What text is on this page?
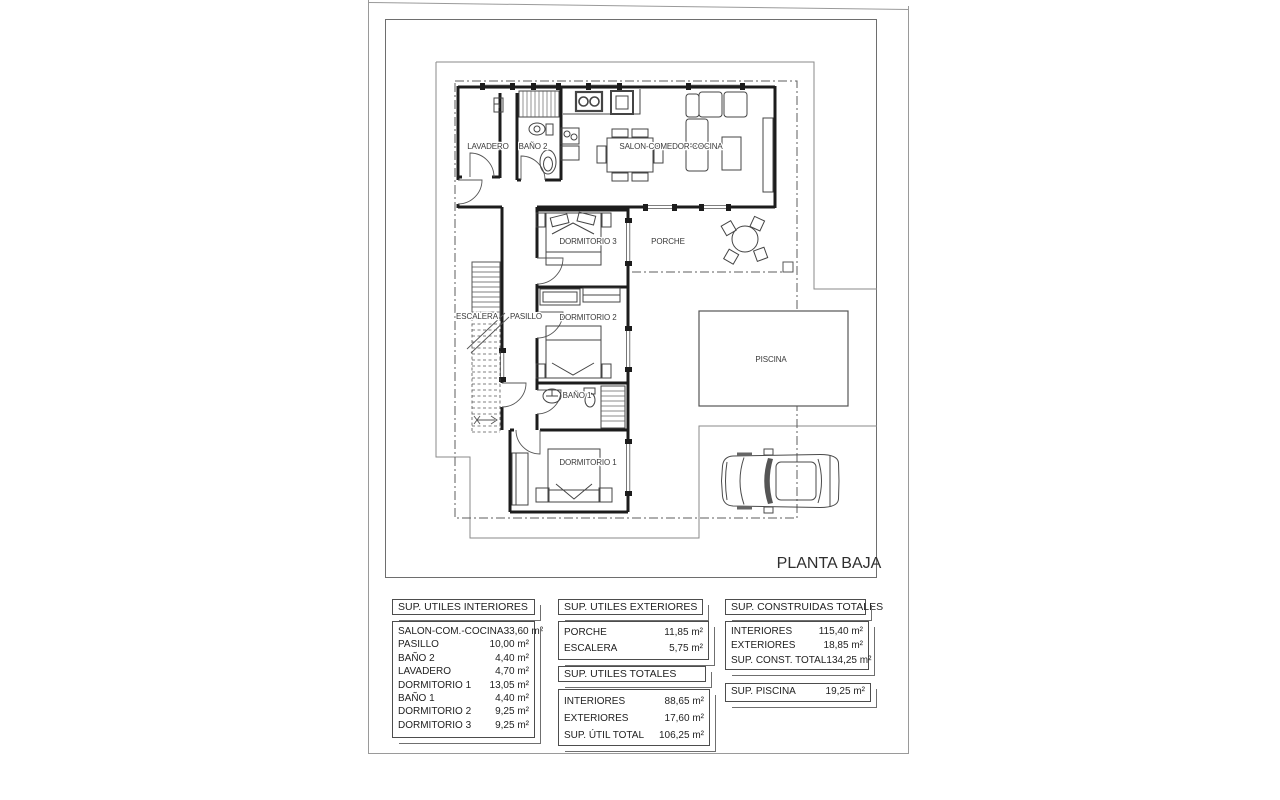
LAVADERO BAÑO 2	SALON-COMEDOR-COCINA
DORMITORIO 3	PORCHE
ESCALERA PASILLO DORMITORIO 2
PISCINA
BAÑO 1
DORMITORIO 1
PLANTA BAJA
SUP. UTILES INTERIORES
SALON-COM.-COCINA 33,60 m²
PASILLO	10,00 m²
BAÑO 2	4,40 m²
LAVADERO	4,70 m²
DORMITORIO 1 13,05 m²
BAÑO 1	4,40 m²
DORMITORIO 2 9,25 m²
DORMITORIO 3 9,25 m²
SUP. UTILES EXTERIORES
PORCHE	11,85 m²
ESCALERA	5,75 m²
SUP. UTILES TOTALES
INTERIORES	88,65 m²
EXTERIORES	17,60 m²
SUP. ÚTIL TOTAL 106,25 m²
SUP. CONSTRUIDAS TOTALES
INTERIORES	115,40 m²
EXTERIORES	18,85 m²
SUP. CONST. TOTAL 134,25 m²
SUP. PISCINA	19,25 m²
